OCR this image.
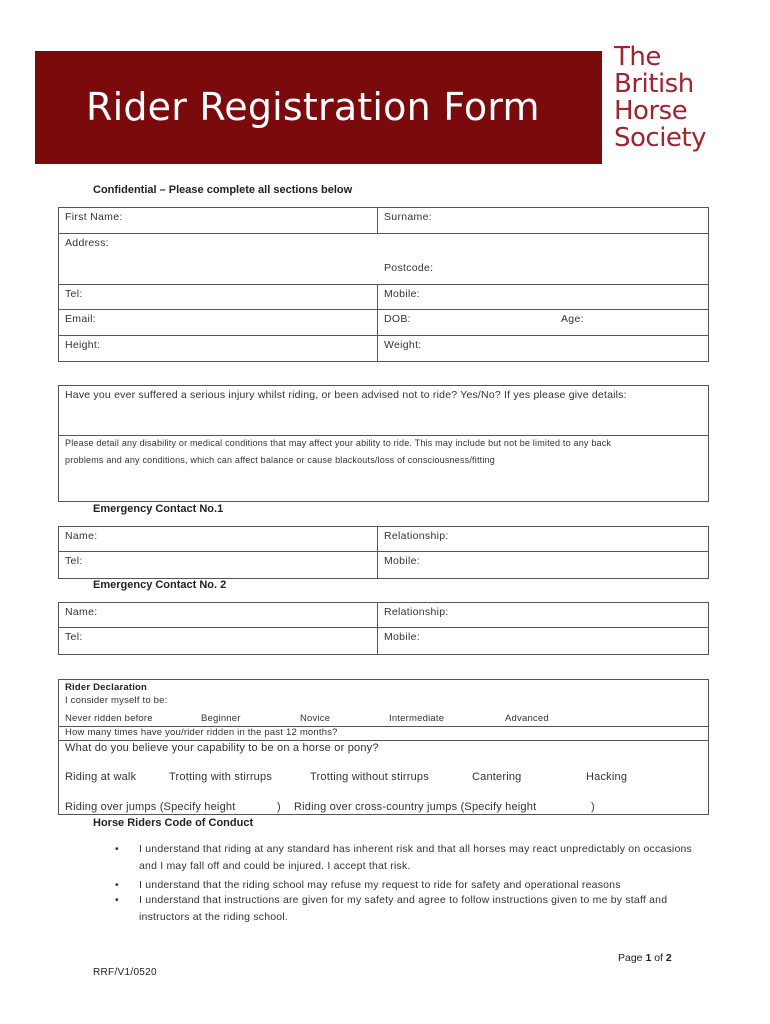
Rider Registration Form
The
British
Horse
Society
Confidential – Please complete all sections below
First Name:	Surname:
Address:
Postcode:
Tel:	Mobile:
Email:	DOB:	Age:
Height:	Weight:
Have you ever suffered a serious injury whilst riding, or been advised not to ride? Yes/No? If yes please give details:
Please detail any disability or medical conditions that may affect your ability to ride. This may include but not be limited to any back
problems and any conditions, which can affect balance or cause blackouts/loss of consciousness/fitting
Emergency Contact No.1
Name:	Relationship:
Tel:	Mobile:
Emergency Contact No. 2
Name:	Relationship:
Tel:	Mobile:
Rider Declaration
I consider myself to be:
Never ridden before	Beginner	Novice	Intermediate	Advanced
How many times have you/rider ridden in the past 12 months?
What do you believe your capability to be on a horse or pony?
Riding at walk	Trotting with stirrups	Trotting without stirrups	Cantering	Hacking
Riding over jumps (Specify height	) Riding over cross-country jumps (Specify height	)
Horse Riders Code of Conduct
• I understand that riding at any standard has inherent risk and that all horses may react unpredictably on occasions and I may fall off and could be injured. I accept that risk.
• I understand that the riding school may refuse my request to ride for safety and operational reasons
• I understand that instructions are given for my safety and agree to follow instructions given to me by staff and instructors at the riding school.
Page 1 of 2
RRF/V1/0520
